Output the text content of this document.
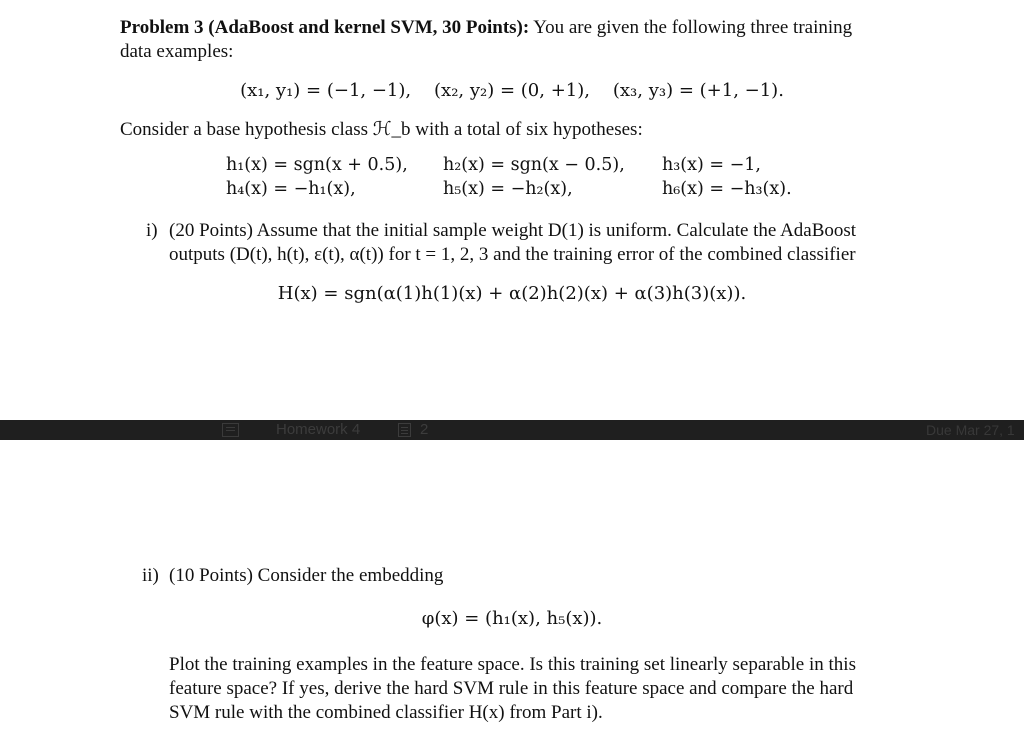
Problem 3 (AdaBoost and kernel SVM, 30 Points): You are given the following three training
data examples:
(x₁, y₁) = (−1, −1), (x₂, y₂) = (0, +1), (x₃, y₃) = (+1, −1).
Consider a base hypothesis class ℋ_b with a total of six hypotheses:
h₁(x) = sgn(x + 0.5), h₂(x) = sgn(x − 0.5), h₃(x) = −1,
h₄(x) = −h₁(x),	h₅(x) = −h₂(x),	h₆(x) = −h₃(x).
i) (20 Points) Assume that the initial sample weight D(1) is uniform. Calculate the AdaBoost
outputs (D(t), h(t), ε(t), α(t)) for t = 1, 2, 3 and the training error of the combined classifier
H(x) = sgn(α(1)h(1)(x) + α(2)h(2)(x) + α(3)h(3)(x)).
Homework 4	2	Due Mar 27, 1
ii) (10 Points) Consider the embedding
φ(x) = (h₁(x), h₅(x)).
Plot the training examples in the feature space. Is this training set linearly separable in this
feature space? If yes, derive the hard SVM rule in this feature space and compare the hard
SVM rule with the combined classifier H(x) from Part i).
